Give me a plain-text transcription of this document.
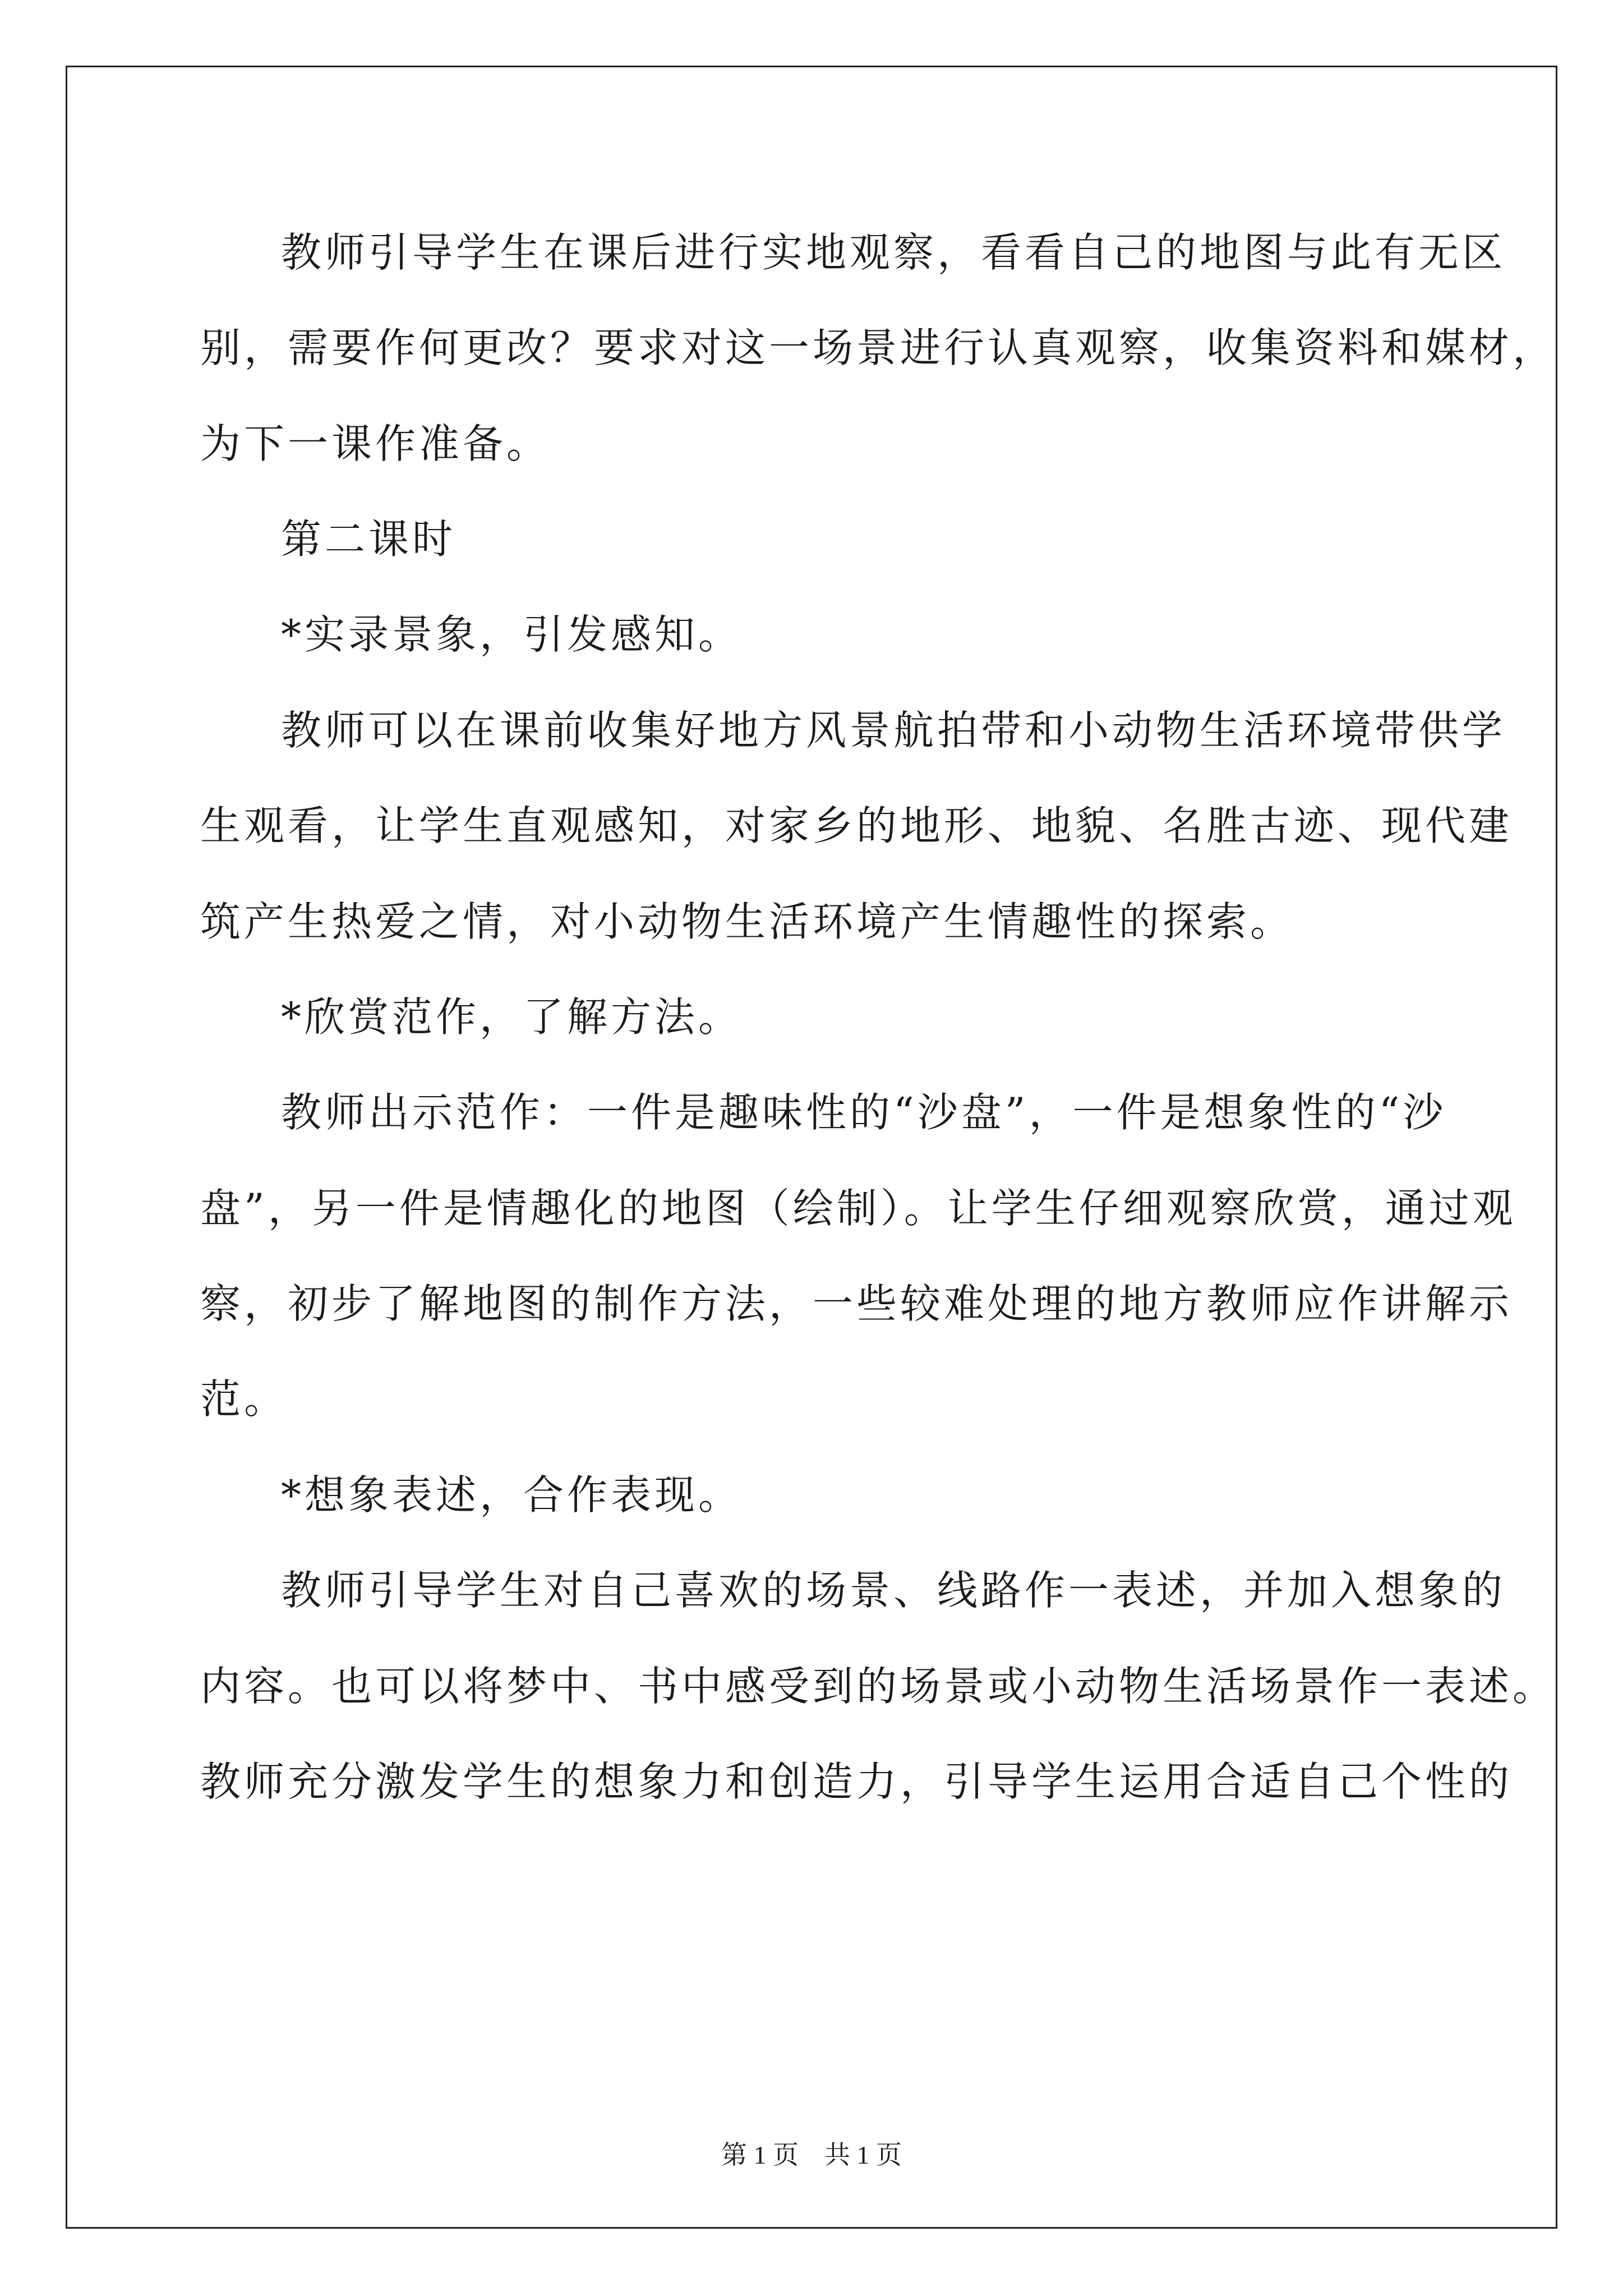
教师引导学生在课后进行实地观察，看看自己的地图与此有无区
别，需要作何更改？要求对这一场景进行认真观察，收集资料和媒材，
为下一课作准备。
第二课时
*实录景象，引发感知。
教师可以在课前收集好地方风景航拍带和小动物生活环境带供学
生观看，让学生直观感知，对家乡的地形、地貌、名胜古迹、现代建
筑产生热爱之情，对小动物生活环境产生情趣性的探索。
*欣赏范作，了解方法。
教师出示范作：一件是趣味性的“沙盘”，一件是想象性的“沙
盘”，另一件是情趣化的地图（绘制）。让学生仔细观察欣赏，通过观
察，初步了解地图的制作方法，一些较难处理的地方教师应作讲解示
范。
*想象表述，合作表现。
教师引导学生对自己喜欢的场景、线路作一表述，并加入想象的
内容。也可以将梦中、书中感受到的场景或小动物生活场景作一表述。
教师充分激发学生的想象力和创造力，引导学生运用合适自己个性的
第 1 页　共 1 页
